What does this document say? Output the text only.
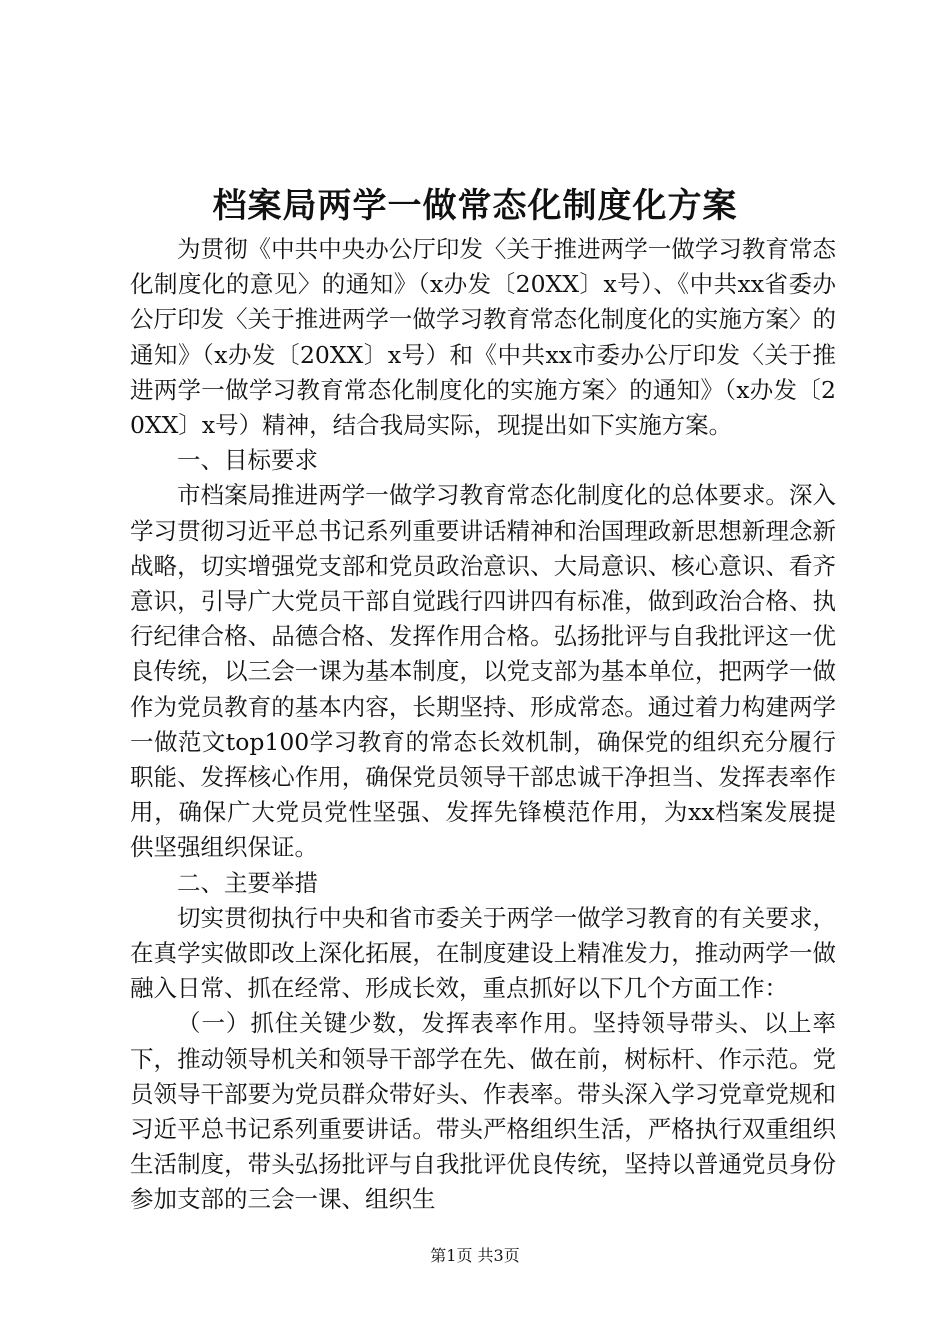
档案局两学一做常态化制度化方案

为贯彻《中共中央办公厅印发〈关于推进两学一做学习教育常态化制度化的意见〉的通知》（x办发〔20XX〕x号）、《中共xx省委办公厅印发〈关于推进两学一做学习教育常态化制度化的实施方案〉的通知》（x办发〔20XX〕x号）和《中共xx市委办公厅印发〈关于推进两学一做学习教育常态化制度化的实施方案〉的通知》（x办发〔20XX〕x号）精神，结合我局实际，现提出如下实施方案。

一、目标要求

市档案局推进两学一做学习教育常态化制度化的总体要求。深入学习贯彻习近平总书记系列重要讲话精神和治国理政新思想新理念新战略，切实增强党支部和党员政治意识、大局意识、核心意识、看齐意识，引导广大党员干部自觉践行四讲四有标准，做到政治合格、执行纪律合格、品德合格、发挥作用合格。弘扬批评与自我批评这一优良传统，以三会一课为基本制度，以党支部为基本单位，把两学一做作为党员教育的基本内容，长期坚持、形成常态。通过着力构建两学一做范文top100学习教育的常态长效机制，确保党的组织充分履行职能、发挥核心作用，确保党员领导干部忠诚干净担当、发挥表率作用，确保广大党员党性坚强、发挥先锋模范作用，为xx档案发展提供坚强组织保证。

二、主要举措

切实贯彻执行中央和省市委关于两学一做学习教育的有关要求，在真学实做即改上深化拓展，在制度建设上精准发力，推动两学一做融入日常、抓在经常、形成长效，重点抓好以下几个方面工作：

（一）抓住关键少数，发挥表率作用。坚持领导带头、以上率下，推动领导机关和领导干部学在先、做在前，树标杆、作示范。党员领导干部要为党员群众带好头、作表率。带头深入学习党章党规和习近平总书记系列重要讲话。带头严格组织生活，严格执行双重组织生活制度，带头弘扬批评与自我批评优良传统，坚持以普通党员身份参加支部的三会一课、组织生

第1页 共3页
